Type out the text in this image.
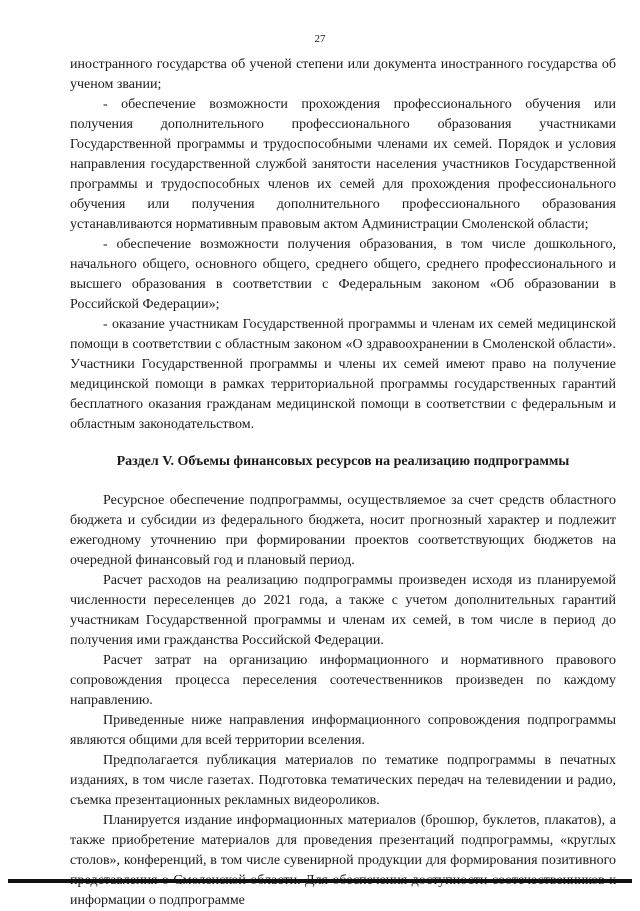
27

иностранного государства об ученой степени или документа иностранного государства об ученом звании;

- обеспечение возможности прохождения профессионального обучения или получения дополнительного профессионального образования участниками Государственной программы и трудоспособными членами их семей. Порядок и условия направления государственной службой занятости населения участников Государственной программы и трудоспособных членов их семей для прохождения профессионального обучения или получения дополнительного профессионального образования устанавливаются нормативным правовым актом Администрации Смоленской области;

- обеспечение возможности получения образования, в том числе дошкольного, начального общего, основного общего, среднего общего, среднего профессионального и высшего образования в соответствии с Федеральным законом «Об образовании в Российской Федерации»;

- оказание участникам Государственной программы и членам их семей медицинской помощи в соответствии с областным законом «О здравоохранении в Смоленской области». Участники Государственной программы и члены их семей имеют право на получение медицинской помощи в рамках территориальной программы государственных гарантий бесплатного оказания гражданам медицинской помощи в соответствии с федеральным и областным законодательством.

Раздел V. Объемы финансовых ресурсов на реализацию подпрограммы

Ресурсное обеспечение подпрограммы, осуществляемое за счет средств областного бюджета и субсидии из федерального бюджета, носит прогнозный характер и подлежит ежегодному уточнению при формировании проектов соответствующих бюджетов на очередной финансовый год и плановый период.

Расчет расходов на реализацию подпрограммы произведен исходя из планируемой численности переселенцев до 2021 года, а также с учетом дополнительных гарантий участникам Государственной программы и членам их семей, в том числе в период до получения ими гражданства Российской Федерации.

Расчет затрат на организацию информационного и нормативного правового сопровождения процесса переселения соотечественников произведен по каждому направлению.

Приведенные ниже направления информационного сопровождения подпрограммы являются общими для всей территории вселения.

Предполагается публикация материалов по тематике подпрограммы в печатных изданиях, в том числе газетах. Подготовка тематических передач на телевидении и радио, съемка презентационных рекламных видеороликов.

Планируется издание информационных материалов (брошюр, буклетов, плакатов), а также приобретение материалов для проведения презентаций подпрограммы, «круглых столов», конференций, в том числе сувенирной продукции для формирования позитивного информации о подпрограмме
